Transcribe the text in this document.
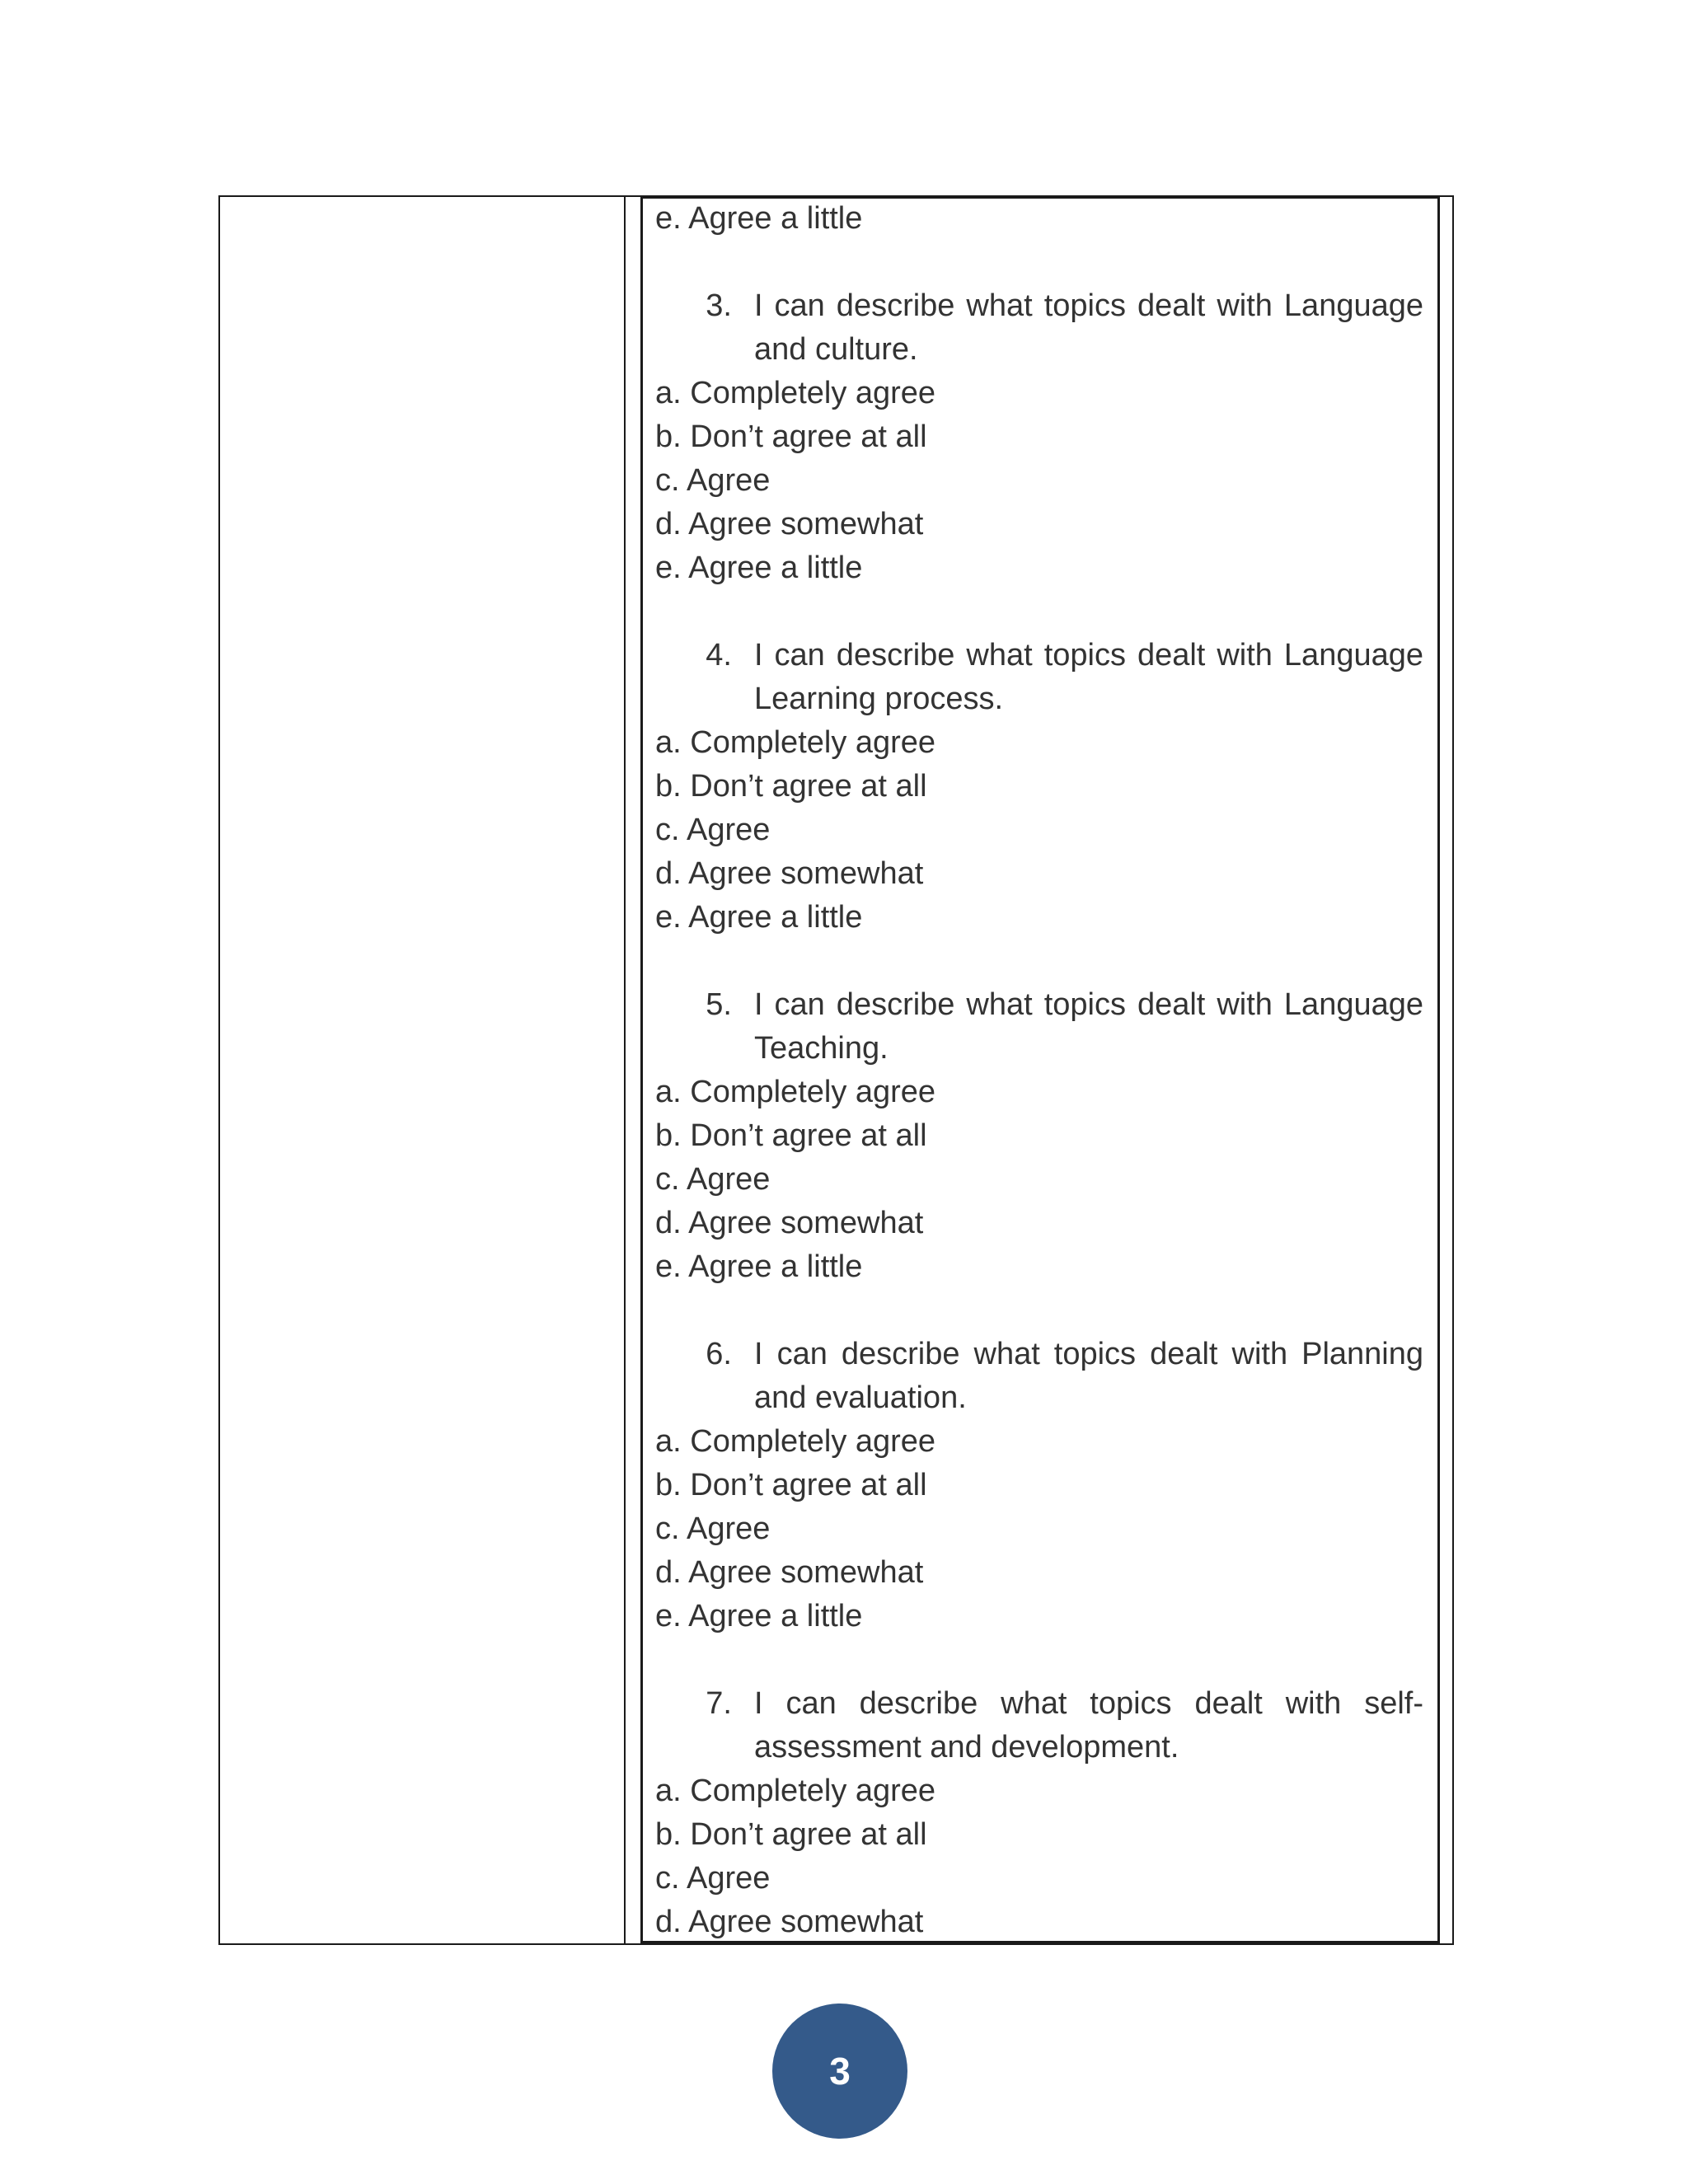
e. Agree a little

3. I can describe what topics dealt with Language and culture.

a. Completely agree

b. Don’t agree at all

c. Agree

d. Agree somewhat

e. Agree a little

4. I can describe what topics dealt with Language Learning process.

a. Completely agree

b. Don’t agree at all

c. Agree

d. Agree somewhat

e. Agree a little

5. I can describe what topics dealt with Language Teaching.

a. Completely agree

b. Don’t agree at all

c. Agree

d. Agree somewhat

e. Agree a little

6. I can describe what topics dealt with Planning and evaluation.

a. Completely agree

b. Don’t agree at all

c. Agree

d. Agree somewhat

e. Agree a little

7. I can describe what topics dealt with self-assessment and development.

a. Completely agree

b. Don’t agree at all

c. Agree

d. Agree somewhat

3
